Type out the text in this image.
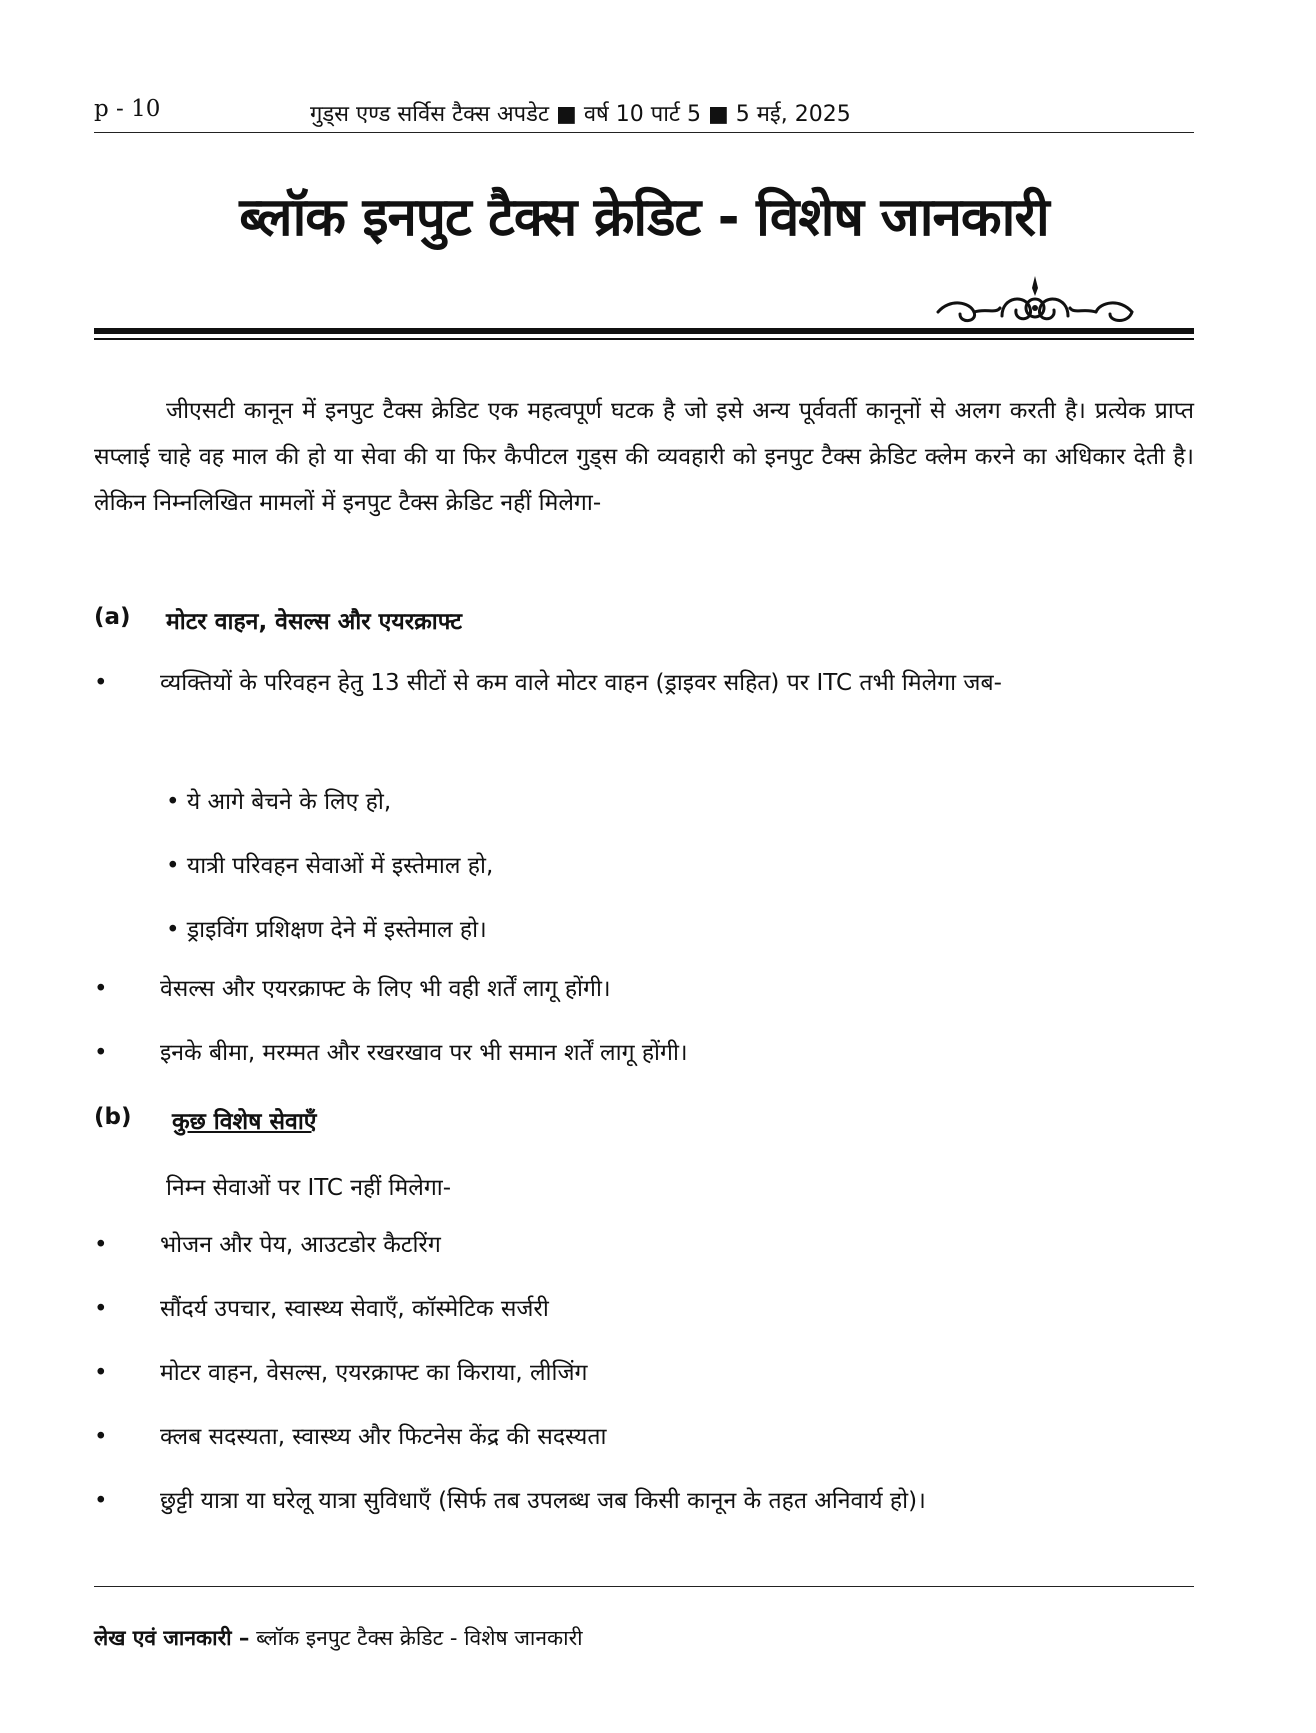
p - 10	गुड्स एण्ड सर्विस टैक्स अपडेट ■ वर्ष 10 पार्ट 5 ■ 5 मई, 2025
ब्लॉक इनपुट टैक्स क्रेडिट - विशेष जानकारी

जीएसटी कानून में इनपुट टैक्स क्रेडिट एक महत्वपूर्ण घटक है जो इसे अन्य पूर्ववर्ती कानूनों से अलग करती है। प्रत्येक प्राप्त सप्लाई चाहे वह माल की हो या सेवा की या फिर कैपीटल गुड्स की व्यवहारी को इनपुट टैक्स क्रेडिट क्लेम करने का अधिकार देती है। लेकिन निम्नलिखित मामलों में इनपुट टैक्स क्रेडिट नहीं मिलेगा-

(a) मोटर वाहन, वेसल्स और एयरक्राफ्ट
• व्यक्तियों के परिवहन हेतु 13 सीटों से कम वाले मोटर वाहन (ड्राइवर सहित) पर ITC तभी मिलेगा जब-
• ये आगे बेचने के लिए हो,
• यात्री परिवहन सेवाओं में इस्तेमाल हो,
• ड्राइविंग प्रशिक्षण देने में इस्तेमाल हो।
• वेसल्स और एयरक्राफ्ट के लिए भी वही शर्तें लागू होंगी।
• इनके बीमा, मरम्मत और रखरखाव पर भी समान शर्तें लागू होंगी।
(b) कुछ विशेष सेवाएँ
निम्न सेवाओं पर ITC नहीं मिलेगा-
• भोजन और पेय, आउटडोर कैटरिंग
• सौंदर्य उपचार, स्वास्थ्य सेवाएँ, कॉस्मेटिक सर्जरी
• मोटर वाहन, वेसल्स, एयरक्राफ्ट का किराया, लीजिंग
• क्लब सदस्यता, स्वास्थ्य और फिटनेस केंद्र की सदस्यता
• छुट्टी यात्रा या घरेलू यात्रा सुविधाएँ (सिर्फ तब उपलब्ध जब किसी कानून के तहत अनिवार्य हो)।
लेख एवं जानकारी – ब्लॉक इनपुट टैक्स क्रेडिट - विशेष जानकारी
